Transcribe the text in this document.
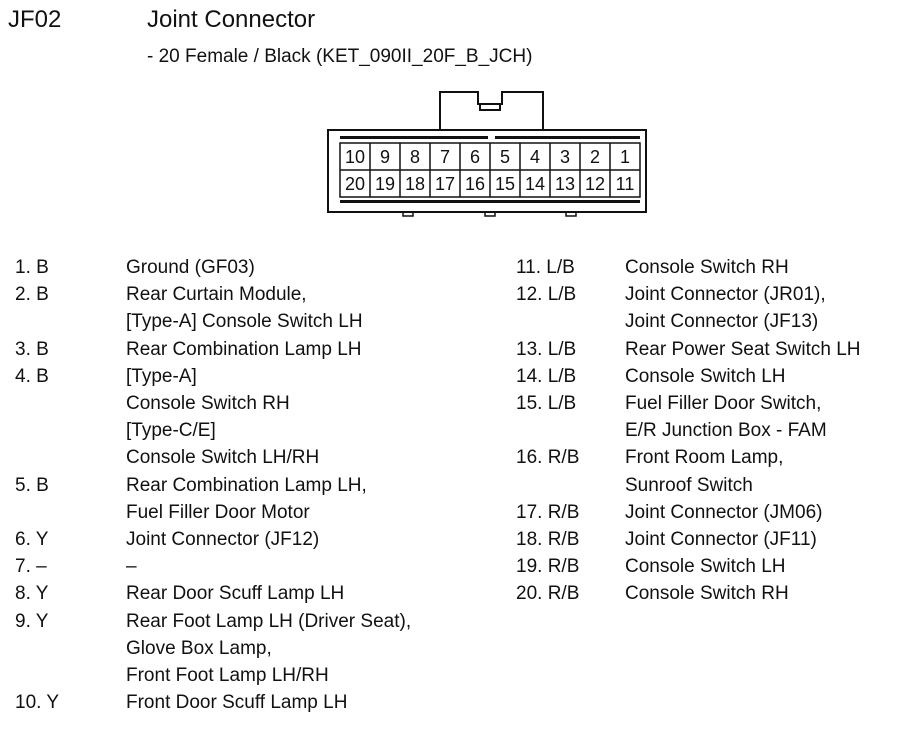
JF02	Joint Connector
- 20 Female / Black (KET_090II_20F_B_JCH)
10 9 8 7 6 5 4 3 2 1
20 19 18 17 16 15 14 13 12 11
1. B	Ground (GF03)

2. B	Rear Curtain Module,
[Type-A] Console Switch LH

3. B	Rear Combination Lamp LH

4. B	[Type-A]
Console Switch RH
[Type-C/E]
Console Switch LH/RH

5. B	Rear Combination Lamp LH,
Fuel Filler Door Motor

6. Y	Joint Connector (JF12)

7. –	–

8. Y	Rear Door Scuff Lamp LH

9. Y	Rear Foot Lamp LH (Driver Seat),
Glove Box Lamp,
Front Foot Lamp LH/RH

10. Y	Front Door Scuff Lamp LH
11. L/B	Console Switch RH

12. L/B	Joint Connector (JR01),
Joint Connector (JF13)

13. L/B	Rear Power Seat Switch LH

14. L/B	Console Switch LH

15. L/B	Fuel Filler Door Switch,
E/R Junction Box - FAM

16. R/B	Front Room Lamp,
Sunroof Switch

17. R/B	Joint Connector (JM06)

18. R/B	Joint Connector (JF11)

19. R/B	Console Switch LH

20. R/B	Console Switch RH
